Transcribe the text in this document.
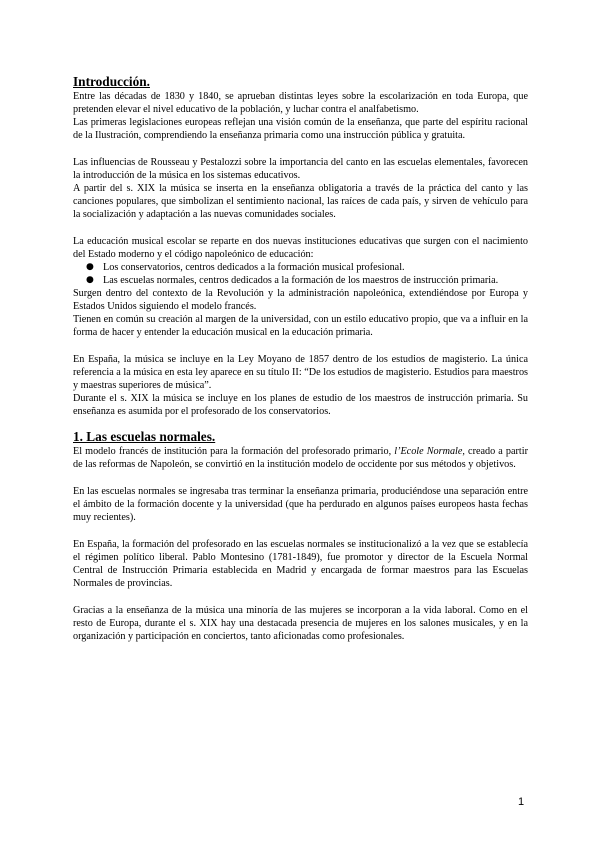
Introducción.

Entre las décadas de 1830 y 1840, se aprueban distintas leyes sobre la escolarización en toda Europa, que pretenden elevar el nivel educativo de la población, y luchar contra el analfabetismo.

Las primeras legislaciones europeas reflejan una visión común de la enseñanza, que parte del espíritu racional de la Ilustración, comprendiendo la enseñanza primaria como una instrucción pública y gratuita.

Las influencias de Rousseau y Pestalozzi sobre la importancia del canto en las escuelas elementales, favorecen la introducción de la música en los sistemas educativos.

A partir del s. XIX la música se inserta en la enseñanza obligatoria a través de la práctica del canto y las canciones populares, que simbolizan el sentimiento nacional, las raíces de cada país, y sirven de vehículo para la socialización y adaptación a las nuevas comunidades sociales.

La educación musical escolar se reparte en dos nuevas instituciones educativas que surgen con el nacimiento del Estado moderno y el código napoleónico de educación:

● Los conservatorios, centros dedicados a la formación musical profesional.
● Las escuelas normales, centros dedicados a la formación de los maestros de instrucción primaria.

Surgen dentro del contexto de la Revolución y la administración napoleónica, extendiéndose por Europa y Estados Unidos siguiendo el modelo francés.

Tienen en común su creación al margen de la universidad, con un estilo educativo propio, que va a influir en la forma de hacer y entender la educación musical en la educación primaria.

En España, la música se incluye en la Ley Moyano de 1857 dentro de los estudios de magisterio. La única referencia a la música en esta ley aparece en su título II: “De los estudios de magisterio. Estudios para maestros y maestras superiores de música”.

Durante el s. XIX la música se incluye en los planes de estudio de los maestros de instrucción primaria. Su enseñanza es asumida por el profesorado de los conservatorios.

1. Las escuelas normales.

El modelo francés de institución para la formación del profesorado primario, l’Ecole Normale, creado a partir de las reformas de Napoleón, se convirtió en la institución modelo de occidente por sus métodos y objetivos.

En las escuelas normales se ingresaba tras terminar la enseñanza primaria, produciéndose una separación entre el ámbito de la formación docente y la universidad (que ha perdurado en algunos países europeos hasta fechas muy recientes).

En España, la formación del profesorado en las escuelas normales se institucionalizó a la vez que se establecía el régimen político liberal. Pablo Montesino (1781-1849), fue promotor y director de la Escuela Normal Central de Instrucción Primaria establecida en Madrid y encargada de formar maestros para las Escuelas Normales de provincias.

Gracias a la enseñanza de la música una minoría de las mujeres se incorporan a la vida laboral. Como en el resto de Europa, durante el s. XIX hay una destacada presencia de mujeres en los salones musicales, y en la organización y participación en conciertos, tanto aficionadas como profesionales.

1
